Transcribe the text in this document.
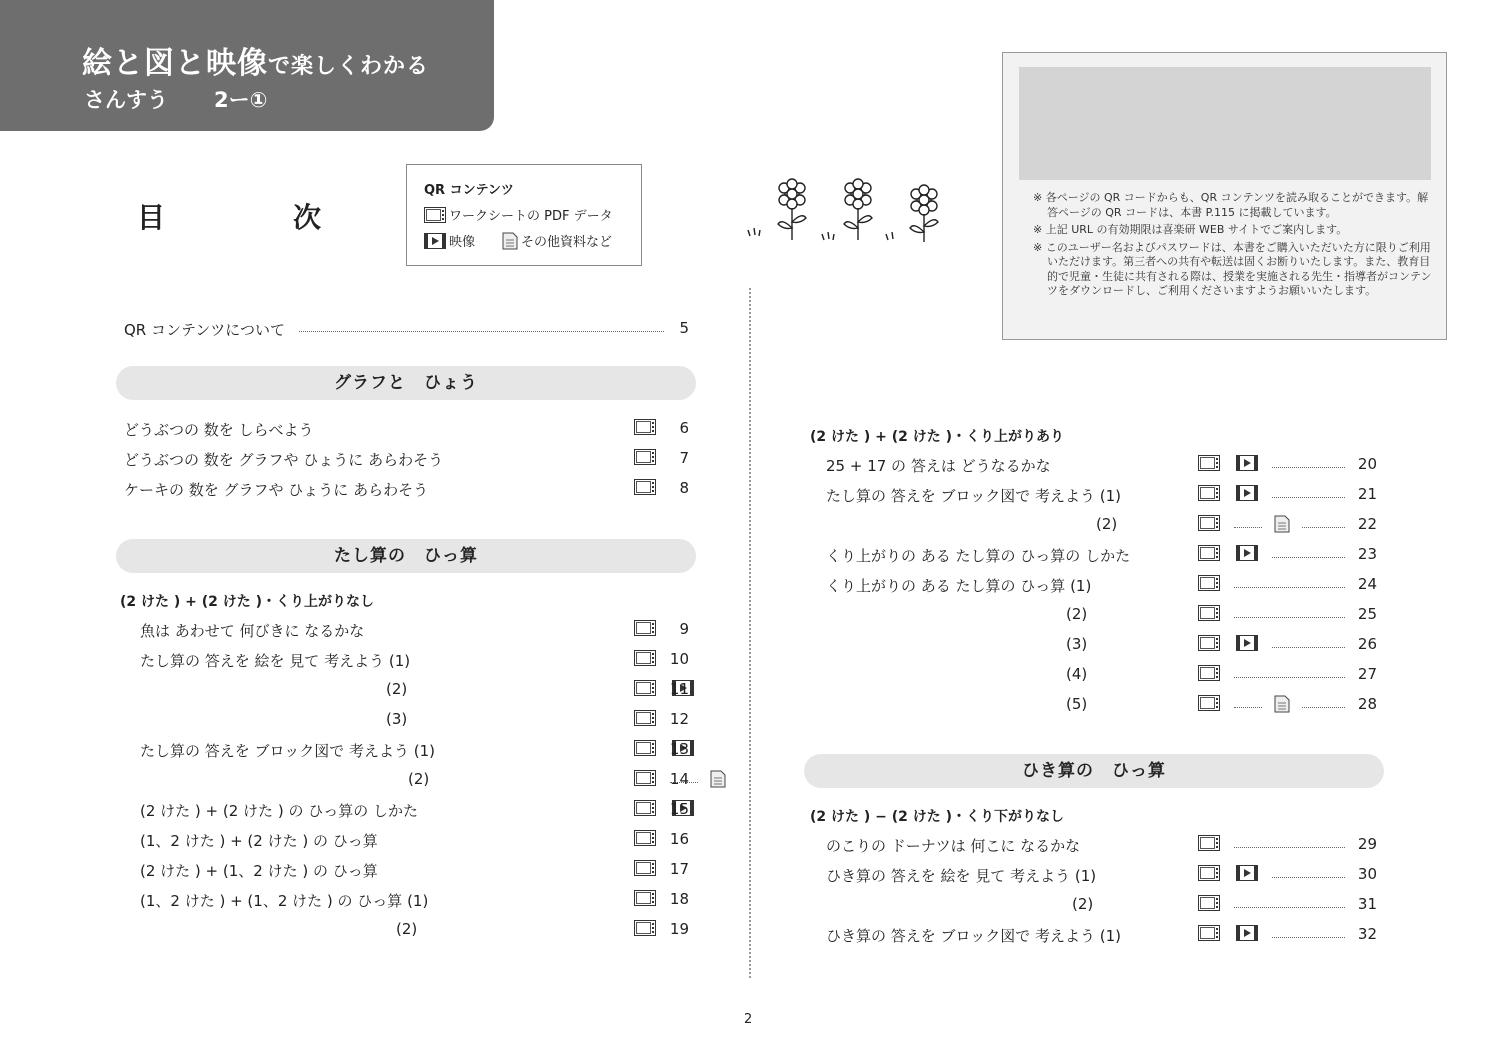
絵と図と映像で楽しくわかる
さんすう 2ー①
目　次
QR コンテンツ
ワークシートの PDF データ
映像	その他資料など

※ 各ページの QR コードからも、QR コンテンツを読み取ることができます。解答ページの QR コードは、本書 P.115 に掲載しています。

※ 上記 URL の有効期限は喜楽研 WEB サイトでご案内します。

※ このユーザー名およびパスワードは、本書をご購入いただいた方に限りご利用いただけます。第三者への共有や転送は固くお断りいたします。また、教育目的で児童・生徒に共有される際は、授業を実施される先生・指導者がコンテンツをダウンロードし、ご利用くださいますようお願いいたします。

QR コンテンツについて	5
グラフと　ひょう
たし算の　ひっ算
ひき算の　ひっ算
(2 けた ) + (2 けた )・くり上がりなし
(2 けた ) + (2 けた )・くり上がりあり
(2 けた ) − (2 けた )・くり下がりなし
どうぶつの 数を しらべよう	6
どうぶつの 数を グラフや ひょうに あらわそう	7
ケーキの 数を グラフや ひょうに あらわそう	8
魚は あわせて 何びきに なるかな	9
たし算の 答えを 絵を 見て 考えよう (1)	10
(2)	11
(3)	12
たし算の 答えを ブロック図で 考えよう (1)	13
(2)	14
(2 けた ) + (2 けた ) の ひっ算の しかた	15
(1、2 けた ) + (2 けた ) の ひっ算	16
(2 けた ) + (1、2 けた ) の ひっ算	17
(1、2 けた ) + (1、2 けた ) の ひっ算 (1)	18
(2)	19
25 + 17 の 答えは どうなるかな	20
たし算の 答えを ブロック図で 考えよう (1)	21
(2)	22
くり上がりの ある たし算の ひっ算の しかた	23
くり上がりの ある たし算の ひっ算 (1)	24
(2)	25
(3)	26
(4)	27
(5)	28
のこりの ドーナツは 何こに なるかな	29
ひき算の 答えを 絵を 見て 考えよう (1)	30
(2)	31
ひき算の 答えを ブロック図で 考えよう (1)	32
2
